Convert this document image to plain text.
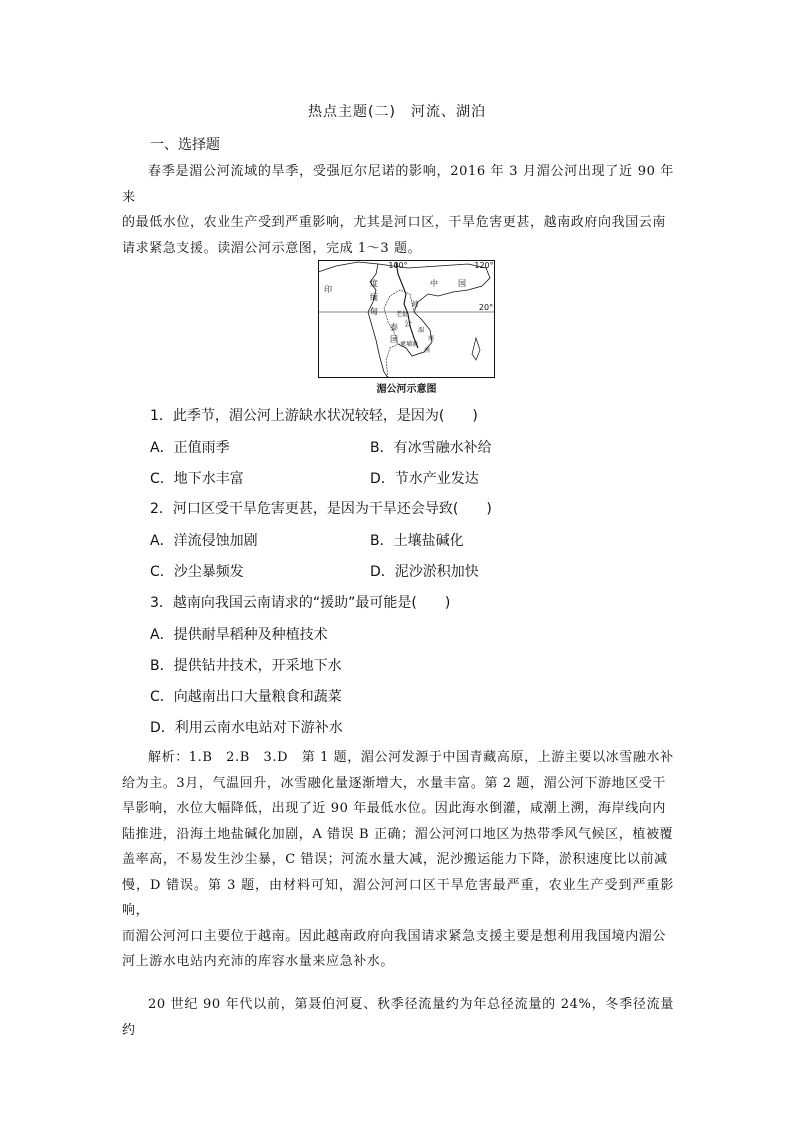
热点主题(二)　河流、湖泊
一、选择题

春季是湄公河流域的旱季，受强厄尔尼诺的影响，2016 年 3 月湄公河出现了近 90 年来

的最低水位，农业生产受到严重影响，尤其是河口区，干旱危害更甚，越南政府向我国云南

请求紧急支援。读湄公河示意图，完成 1～3 题。

100°	120°
20°
印
度
缅
甸
中	国
越
老挝
泰
国
公
湄
南
柬埔寨
南
湄公河示意图
1．此季节，湄公河上游缺水状况较轻，是因为(　　)
A．正值雨季	B．有冰雪融水补给
C．地下水丰富	D．节水产业发达
2．河口区受干旱危害更甚，是因为干旱还会导致(　　)
A．洋流侵蚀加剧	B．土壤盐碱化
C．沙尘暴频发	D．泥沙淤积加快
3．越南向我国云南请求的“援助”最可能是(　　)
A．提供耐旱稻种及种植技术
B．提供钻井技术，开采地下水
C．向越南出口大量粮食和蔬菜
D．利用云南水电站对下游补水

解析：1.B　2.B　3.D　第 1 题，湄公河发源于中国青藏高原，上游主要以冰雪融水补

给为主。3月，气温回升，冰雪融化量逐渐增大，水量丰富。第 2 题，湄公河下游地区受干

旱影响，水位大幅降低，出现了近 90 年最低水位。因此海水倒灌，咸潮上溯，海岸线向内

陆推进，沿海土地盐碱化加剧，A 错误 B 正确；湄公河河口地区为热带季风气候区，植被覆

盖率高，不易发生沙尘暴，C 错误；河流水量大减，泥沙搬运能力下降，淤积速度比以前减

慢，D 错误。第 3 题，由材料可知，湄公河河口区干旱危害最严重，农业生产受到严重影响，

而湄公河河口主要位于越南。因此越南政府向我国请求紧急支援主要是想利用我国境内湄公

河上游水电站内充沛的库容水量来应急补水。

20 世纪 90 年代以前，第聂伯河夏、秋季径流量约为年总径流量的 24%，冬季径流量约
